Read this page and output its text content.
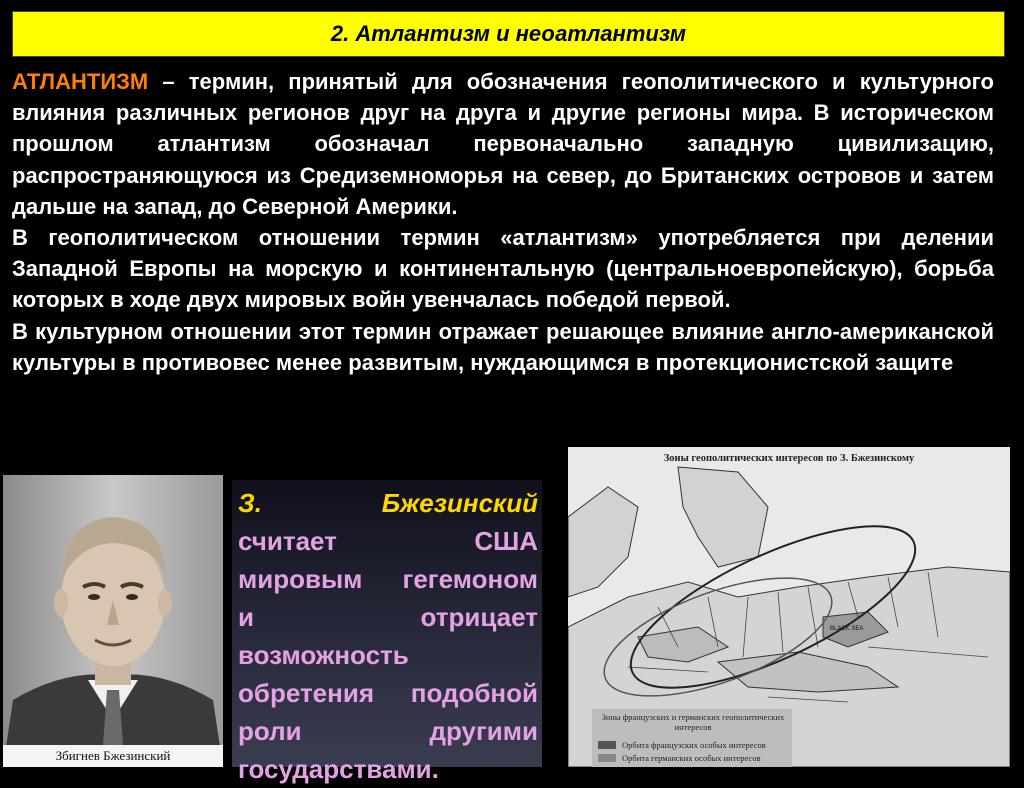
2. Атлантизм и неоатлантизм

АТЛАНТИЗМ – термин, принятый для обозначения геополитического и культурного влияния различных регионов друг на друга и другие регионы мира. В историческом прошлом атлантизм обозначал первоначально западную цивилизацию, распространяющуюся из Средиземноморья на север, до Британских островов и затем дальше на запад, до Северной Америки.

В геополитическом отношении термин «атлантизм» употребляется при делении Западной Европы на морскую и континентальную (центральноевропейскую), борьба которых в ходе двух мировых войн увенчалась победой первой.

В культурном отношении этот термин отражает решающее влияние англо-американской культуры в противовес менее развитым, нуждающимся в протекционистской защите

Збигнев Бжезинский
З.	Бжезинский
считает	США
мировым гегемоном
и	отрицает
возможность
обретения подобной
роли	другими
государствами.
BLACK SEA
Зоны геополитических интересов по З. Бжезинскому
Зоны французских и германских геополитических интересов
Орбита французских особых интересов
Орбита германских особых интересов
